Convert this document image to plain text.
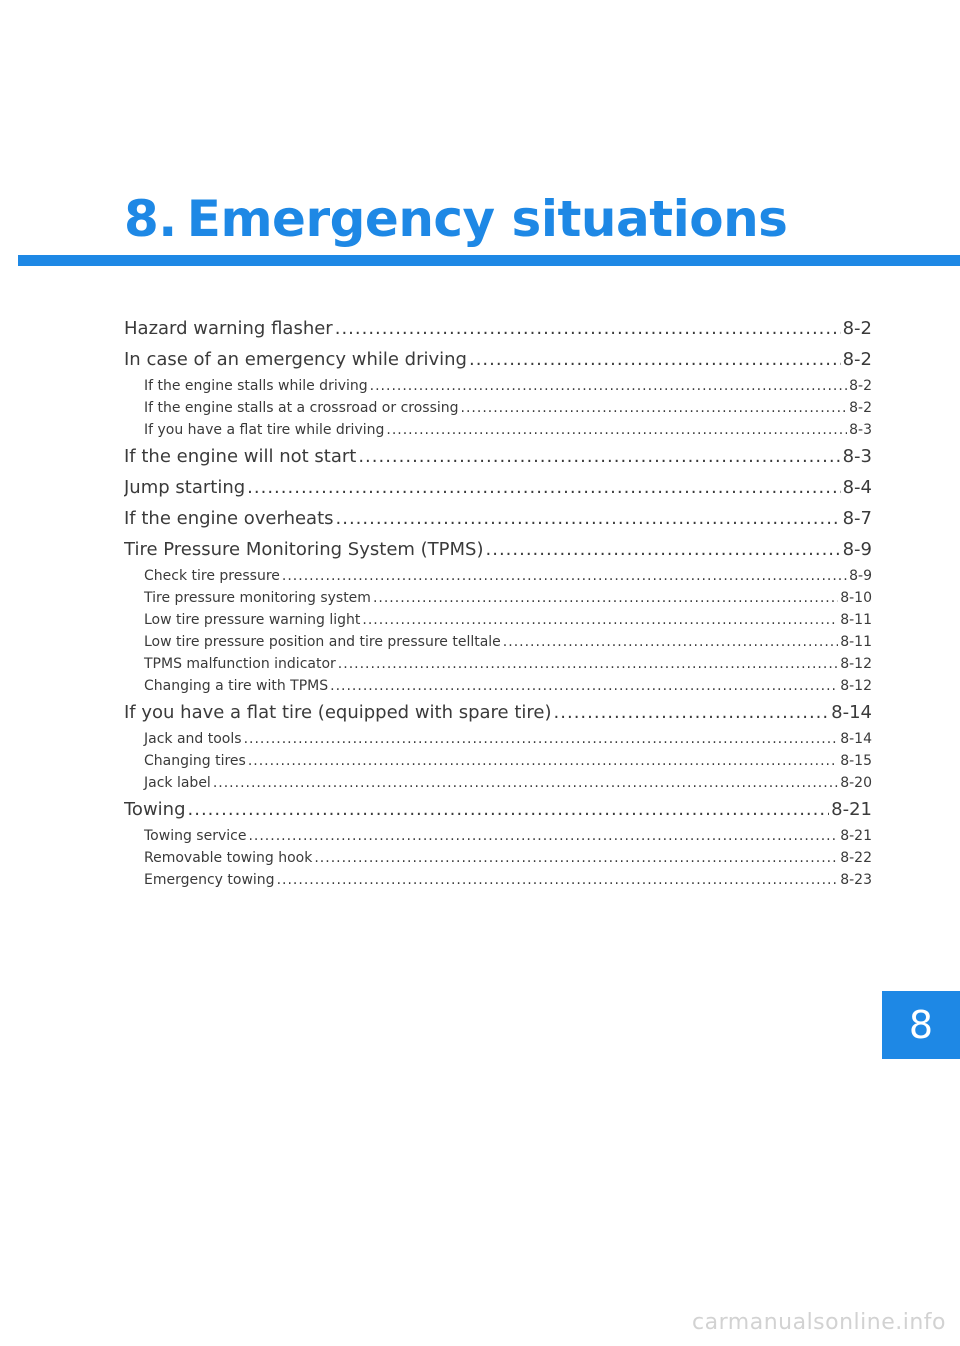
8. Emergency situations
Hazard warning flasher .....	8-2
In case of an emergency while driving .....	8-2
If the engine stalls while driving .....	8-2
If the engine stalls at a crossroad or crossing .....	8-2
If you have a flat tire while driving .....	8-3
If the engine will not start .....	8-3
Jump starting .....	8-4
If the engine overheats .....	8-7
Tire Pressure Monitoring System (TPMS) .....	8-9
Check tire pressure .....	8-9
Tire pressure monitoring system .....	8-10
Low tire pressure warning light .....	8-11
Low tire pressure position and tire pressure telltale .....	8-11
TPMS malfunction indicator .....	8-12
Changing a tire with TPMS .....	8-12
If you have a flat tire (equipped with spare tire) .....	8-14
Jack and tools .....	8-14
Changing tires .....	8-15
Jack label .....	8-20
Towing .....	8-21
Towing service .....	8-21
Removable towing hook .....	8-22
Emergency towing .....	8-23
8
carmanualsonline.info
